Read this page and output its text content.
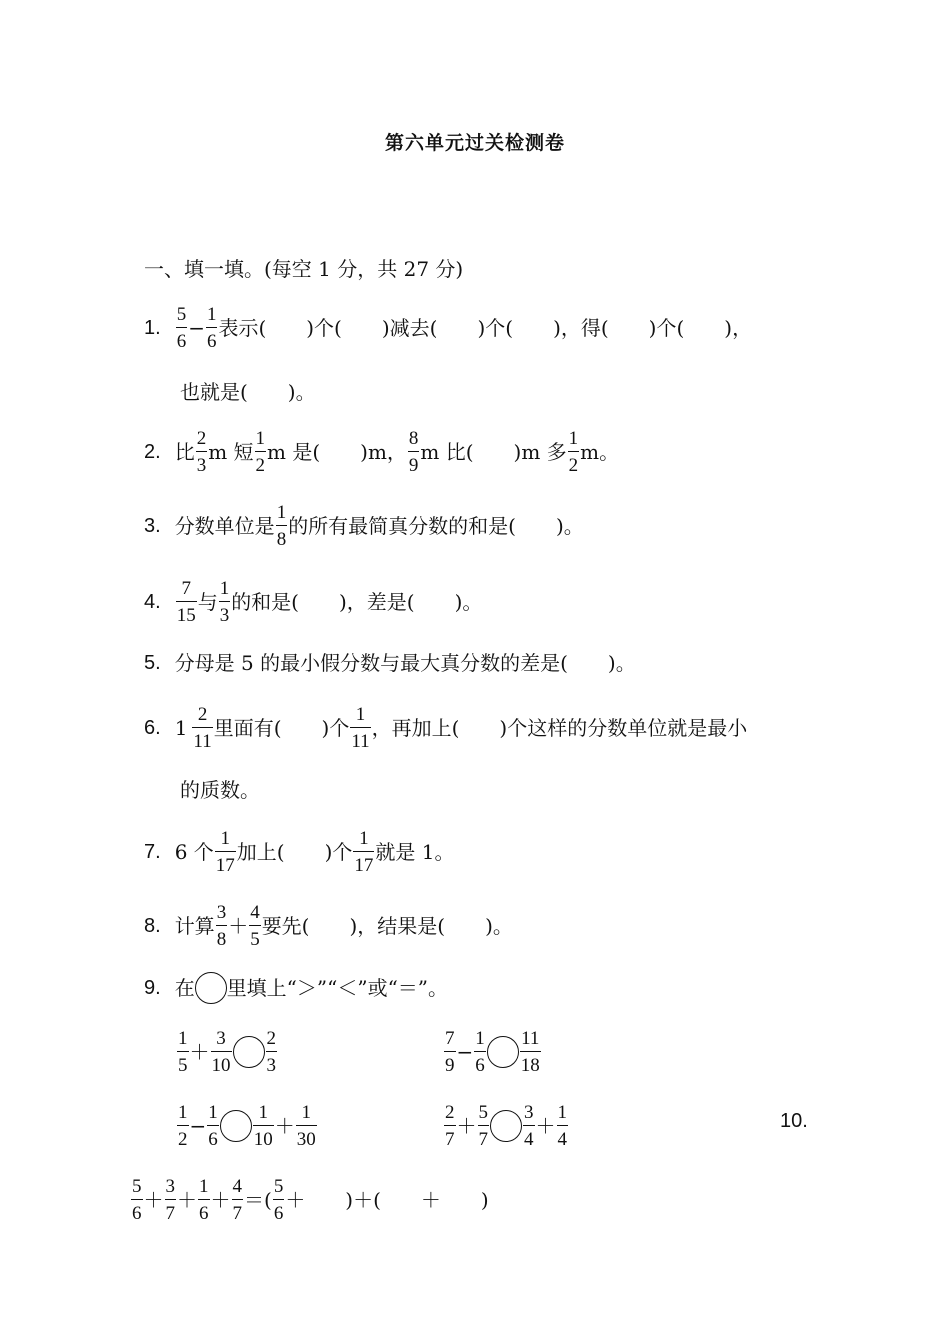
第六单元过关检测卷
一、填一填。(每空 1 分，共 27 分)
1. $\frac{5}{6} - \frac{1}{6}$ 表示(　　)个(　　)减去(　　)个(　　)，得(　　)个(　　)，
也就是(　　)。
2. 比 $\frac{2}{3}$ m 短 $\frac{1}{2}$ m 是(　　)m， $\frac{8}{9}$ m 比(　　)m 多 $\frac{1}{2}$ m。
3. 分数单位是 $\frac{1}{8}$ 的所有最简真分数的和是(　　)。
4. $\frac{7}{15}$ 与 $\frac{1}{3}$ 的和是(　　)，差是(　　)。
5. 分母是 5 的最小假分数与最大真分数的差是(　　)。
6. $1 \frac{2}{11}$ 里面有(　　)个 $\frac{1}{11}$ ，再加上(　　)个这样的分数单位就是最小
的质数。
7. 6 个 $\frac{1}{17}$ 加上(　　)个 $\frac{1}{17}$ 就是 1。
8. 计算 $\frac{3}{8} + \frac{4}{5}$ 要先(　　)，结果是(　　)。
9. 在 里填上“＞”“＜”或“＝”。
$\frac{1}{5} + \frac{3}{10} \frac{2}{3}$	$\frac{7}{9} - \frac{1}{6} \frac{11}{18}$
$\frac{1}{2} - \frac{1}{6} \frac{1}{10} + \frac{1}{30}$	$\frac{2}{7} + \frac{5}{7} \frac{3}{4} + \frac{1}{4}$	10.
$\frac{5}{6} + \frac{3}{7} + \frac{1}{6} + \frac{4}{7}$ ＝( $\frac{5}{6}$ ＋　　)＋(　　＋　　)
